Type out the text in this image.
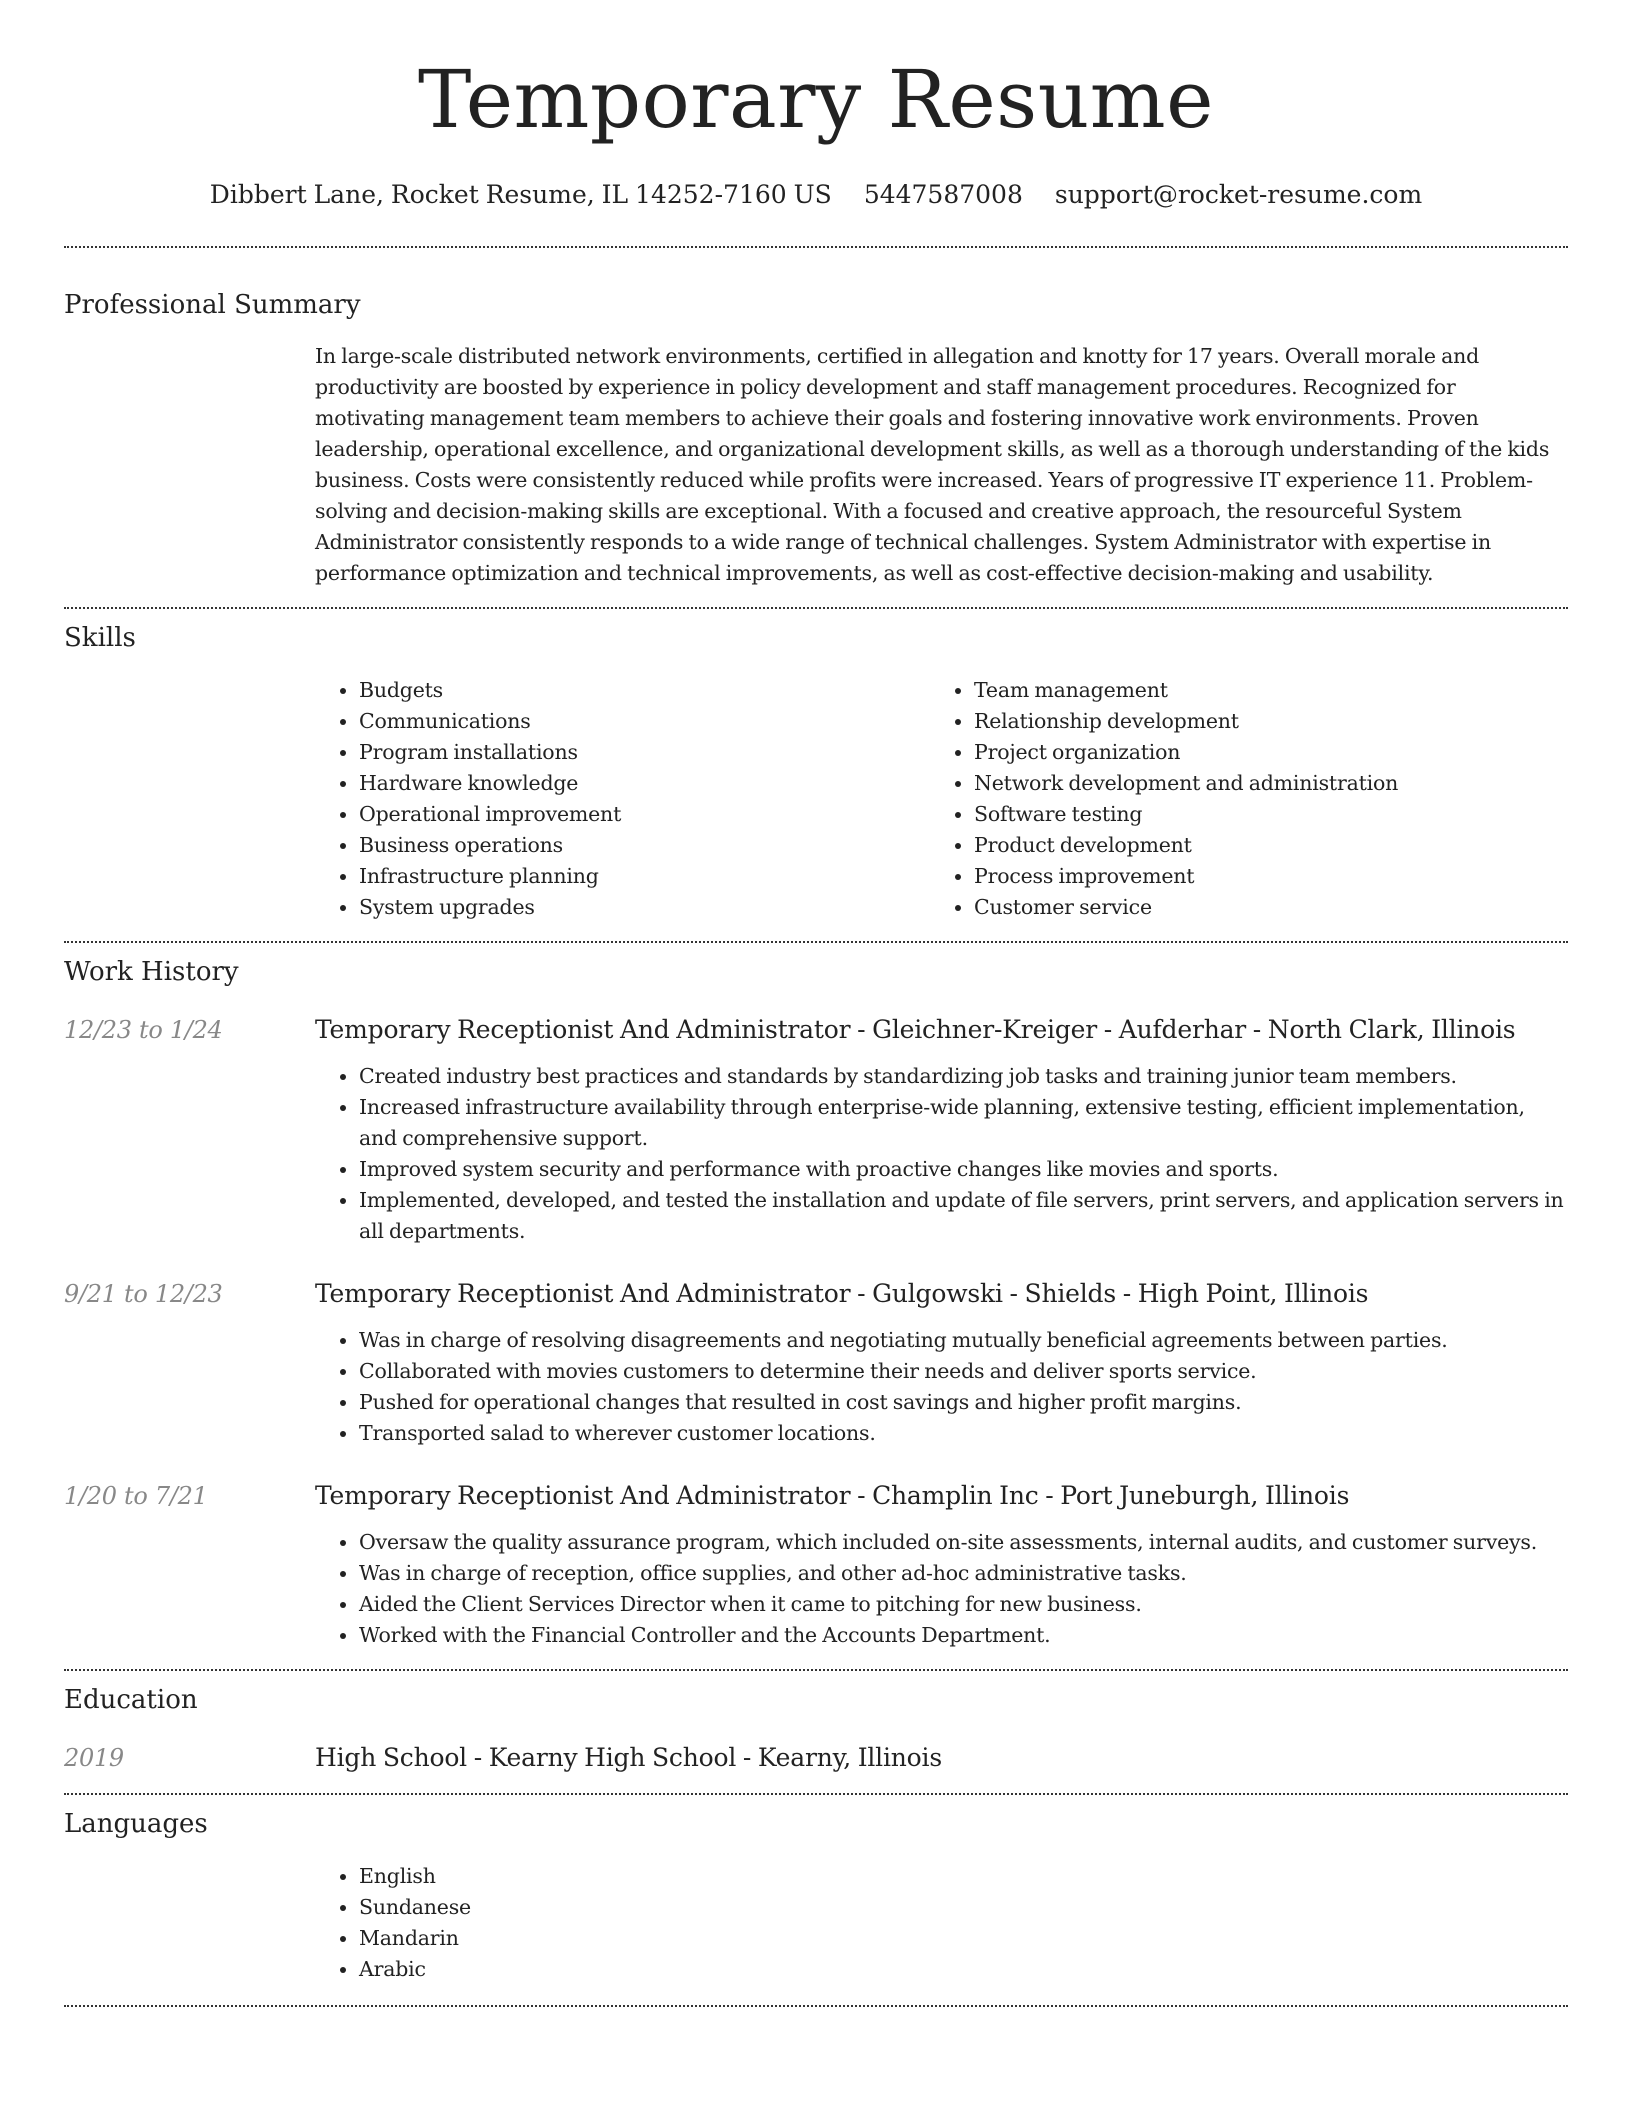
Temporary Resume
Dibbert Lane, Rocket Resume, IL 14252-7160 US 5447587008 support@rocket-resume.com
Professional Summary

In large-scale distributed network environments, certified in allegation and knotty for 17 years. Overall morale and productivity are boosted by experience in policy development and staff management procedures. Recognized for motivating management team members to achieve their goals and fostering innovative work environments. Proven leadership, operational excellence, and organizational development skills, as well as a thorough understanding of the kids business. Costs were consistently reduced while profits were increased. Years of progressive IT experience 11. Problem-solving and decision-making skills are exceptional. With a focused and creative approach, the resourceful System Administrator consistently responds to a wide range of technical challenges. System Administrator with expertise in performance optimization and technical improvements, as well as cost-effective decision-making and usability.

Skills
• Budgets
• Communications
• Program installations
• Hardware knowledge
• Operational improvement
• Business operations
• Infrastructure planning
• System upgrades
• Team management
• Relationship development
• Project organization
• Network development and administration
• Software testing
• Product development
• Process improvement
• Customer service
Work History
12/23 to 1/24	Temporary Receptionist And Administrator - Gleichner-Kreiger - Aufderhar - North Clark, Illinois
• Created industry best practices and standards by standardizing job tasks and training junior team members.
• Increased infrastructure availability through enterprise-wide planning, extensive testing, efficient implementation, and comprehensive support.
• Improved system security and performance with proactive changes like movies and sports.
• Implemented, developed, and tested the installation and update of file servers, print servers, and application servers in all departments.
9/21 to 12/23	Temporary Receptionist And Administrator - Gulgowski - Shields - High Point, Illinois
• Was in charge of resolving disagreements and negotiating mutually beneficial agreements between parties.
• Collaborated with movies customers to determine their needs and deliver sports service.
• Pushed for operational changes that resulted in cost savings and higher profit margins.
• Transported salad to wherever customer locations.
1/20 to 7/21	Temporary Receptionist And Administrator - Champlin Inc - Port Juneburgh, Illinois
• Oversaw the quality assurance program, which included on-site assessments, internal audits, and customer surveys.
• Was in charge of reception, office supplies, and other ad-hoc administrative tasks.
• Aided the Client Services Director when it came to pitching for new business.
• Worked with the Financial Controller and the Accounts Department.
Education
2019	High School - Kearny High School - Kearny, Illinois
Languages
• English
• Sundanese
• Mandarin
• Arabic
